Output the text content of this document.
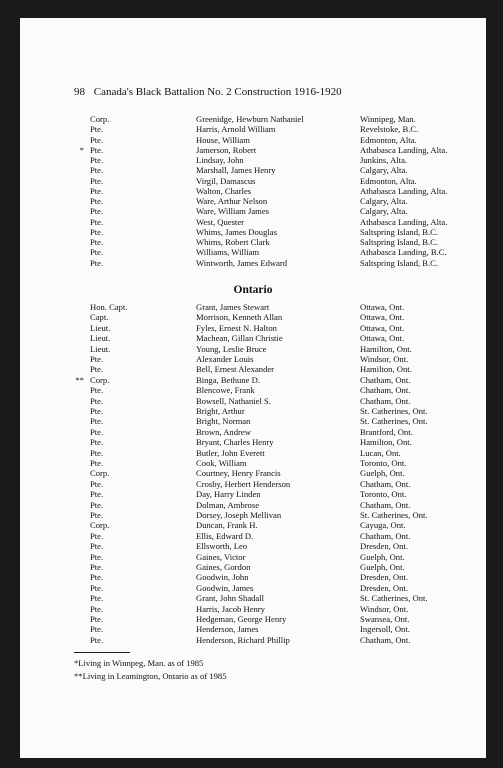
98 Canada's Black Battalion No. 2 Construction 1916-1920
Corp.	Greenidge, Hewburn Nathaniel	Winnipeg, Man.
Pte.	Harris, Arnold William	Revelstoke, B.C.
Pte.	House, William	Edmonton, Alta.
* Pte.	Jamerson, Robert	Athabasca Landing, Alta.
Pte.	Lindsay, John	Junkins, Alta.
Pte.	Marshall, James Henry	Calgary, Alta.
Pte.	Virgil, Damascus	Edmonton, Alta.
Pte.	Walton, Charles	Athabasca Landing, Alta.
Pte.	Ware, Arthur Nelson	Calgary, Alta.
Pte.	Ware, William James	Calgary, Alta.
Pte.	West, Quester	Athabasca Landing, Alta.
Pte.	Whims, James Douglas	Saltspring Island, B.C.
Pte.	Whims, Robert Clark	Saltspring Island, B.C.
Pte.	Williams, William	Athabasca Landing, B.C.
Pte.	Wintworth, James Edward	Saltspring Island, B.C.
Ontario
Hon. Capt.	Grant, James Stewart	Ottawa, Ont.
Capt.	Morrison, Kenneth Allan	Ottawa, Ont.
Lieut.	Fyles, Ernest N. Halton	Ottawa, Ont.
Lieut.	Machean, Gillan Christie	Ottawa, Ont.
Lieut.	Young, Leslie Bruce	Hamilton, Ont.
Pte.	Alexander Louis	Windsor, Ont.
Pte.	Bell, Ernest Alexander	Hamilton, Ont.
** Corp.	Binga, Bethune D.	Chatham, Ont.
Pte.	Blencowe, Frank	Chatham, Ont.
Pte.	Bowsell, Nathaniel S.	Chatham, Ont.
Pte.	Bright, Arthur	St. Catherines, Ont.
Pte.	Bright, Norman	St. Catherines, Ont.
Pte.	Brown, Andrew	Brantford, Ont.
Pte.	Bryant, Charles Henry	Hamilton, Ont.
Pte.	Butler, John Everett	Lucan, Ont.
Pte.	Cook, William	Toronto, Ont.
Corp.	Courtney, Henry Francis	Guelph, Ont.
Pte.	Crosby, Herbert Henderson	Chatham, Ont.
Pte.	Day, Harry Linden	Toronto, Ont.
Pte.	Dolman, Ambrose	Chatham, Ont.
Pte.	Dorsey, Joseph Mellivan	St. Catherines, Ont.
Corp.	Duncan, Frank H.	Cayuga, Ont.
Pte.	Ellis, Edward D.	Chatham, Ont.
Pte.	Ellsworth, Leo	Dresden, Ont.
Pte.	Gaines, Victor	Guelph, Ont.
Pte.	Gaines, Gordon	Guelph, Ont.
Pte.	Goodwin, John	Dresden, Ont.
Pte.	Goodwin, James	Dresden, Ont.
Pte.	Grant, John Shadall	St. Catherines, Ont.
Pte.	Harris, Jacob Henry	Windsor, Ont.
Pte.	Hedgeman, George Henry	Swansea, Ont.
Pte.	Henderson, James	Ingersoll, Ont.
Pte.	Henderson, Richard Phillip	Chatham, Ont.
*Living in Winnpeg, Man. as of 1985
**Living in Leamington, Ontario as of 1985
